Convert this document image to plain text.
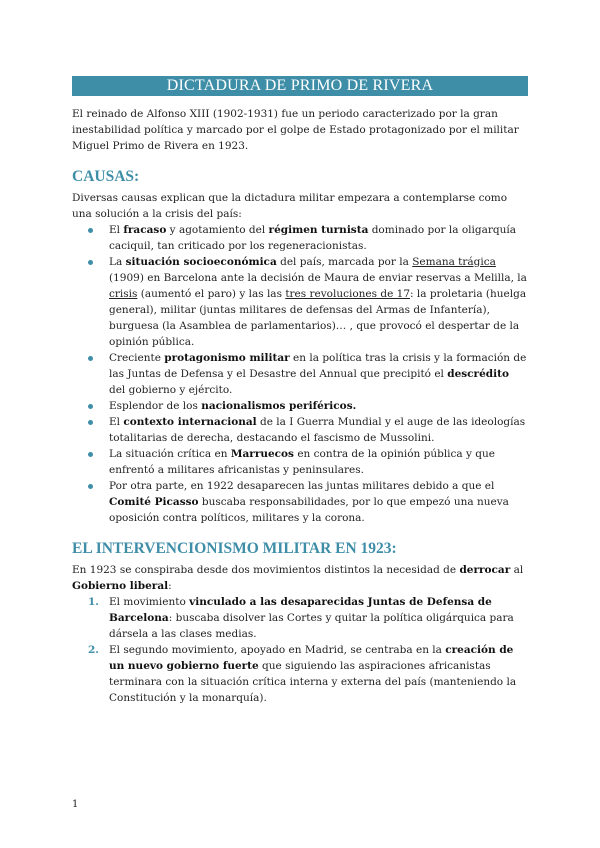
DICTADURA DE PRIMO DE RIVERA

El reinado de Alfonso XIII (1902-1931) fue un periodo caracterizado por la gran inestabilidad política y marcado por el golpe de Estado protagonizado por el militar Miguel Primo de Rivera en 1923.

CAUSAS:

Diversas causas explican que la dictadura militar empezara a contemplarse como una solución a la crisis del país:

El fracaso y agotamiento del régimen turnista dominado por la oligarquía caciquil, tan criticado por los regeneracionistas.
La situación socioeconómica del país, marcada por la Semana trágica (1909) en Barcelona ante la decisión de Maura de enviar reservas a Melilla, la crisis (aumentó el paro) y las las tres revoluciones de 17: la proletaria (huelga general), militar (juntas militares de defensas del Armas de Infantería), burguesa (la Asamblea de parlamentarios)… , que provocó el despertar de la opinión pública.
Creciente protagonismo militar en la política tras la crisis y la formación de las Juntas de Defensa y el Desastre del Annual que precipitó el descrédito del gobierno y ejército.
Esplendor de los nacionalismos periféricos.
El contexto internacional de la I Guerra Mundial y el auge de las ideologías totalitarias de derecha, destacando el fascismo de Mussolini.
La situación crítica en Marruecos en contra de la opinión pública y que enfrentó a militares africanistas y peninsulares.
Por otra parte, en 1922 desaparecen las juntas militares debido a que el Comité Picasso buscaba responsabilidades, por lo que empezó una nueva oposición contra políticos, militares y la corona.
EL INTERVENCIONISMO MILITAR EN 1923:

En 1923 se conspiraba desde dos movimientos distintos la necesidad de derrocar al Gobierno liberal:

1. El movimiento vinculado a las desaparecidas Juntas de Defensa de Barcelona: buscaba disolver las Cortes y quitar la política oligárquica para dársela a las clases medias.
2. El segundo movimiento, apoyado en Madrid, se centraba en la creación de un nuevo gobierno fuerte que siguiendo las aspiraciones africanistas terminara con la situación crítica interna y externa del país (manteniendo la Constitución y la monarquía).
1
